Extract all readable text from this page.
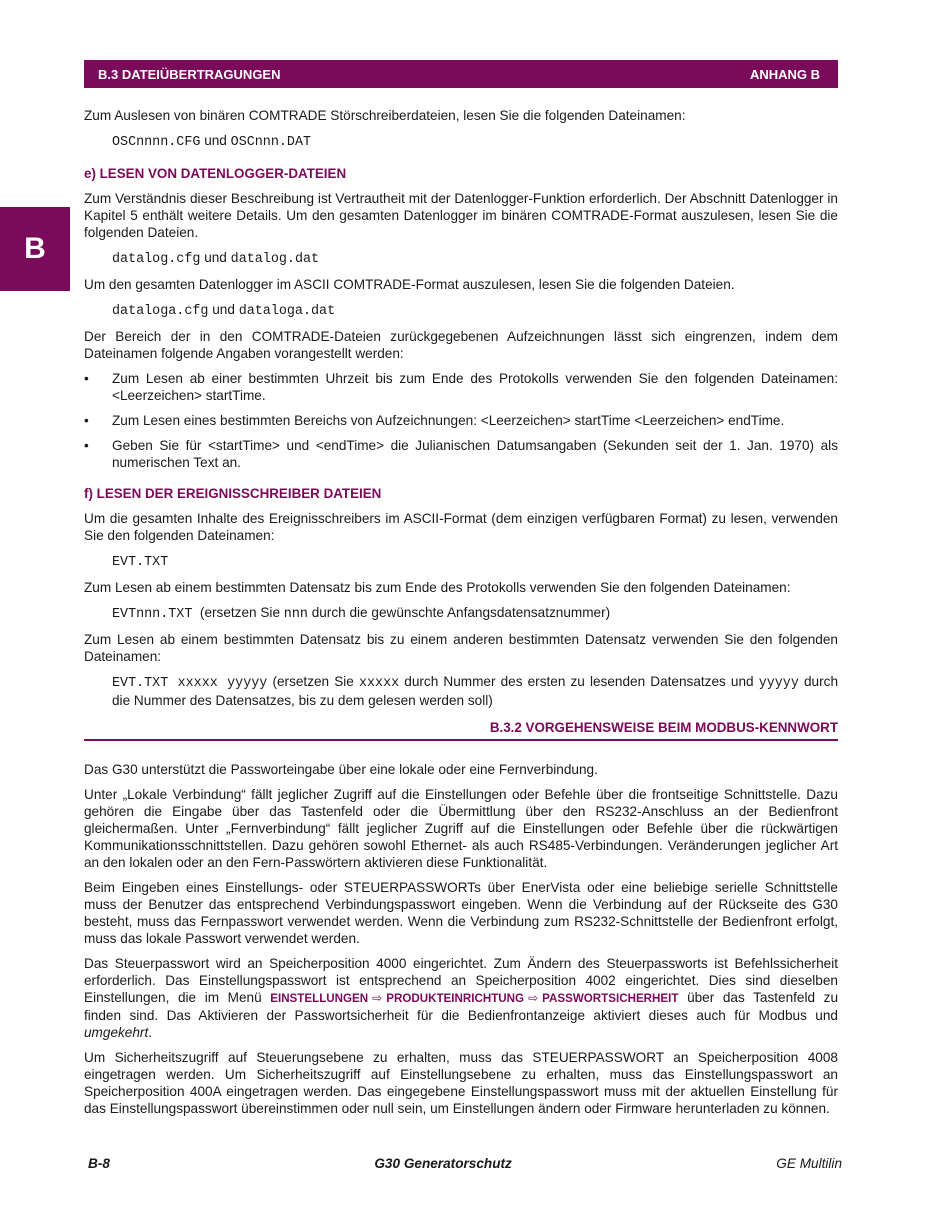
B.3 DATEIÜBERTRAGUNGEN	ANHANG B
B

Zum Auslesen von binären COMTRADE Störschreiberdateien, lesen Sie die folgenden Dateinamen:

OSCnnnn.CFG und OSCnnn.DAT

e) LESEN VON DATENLOGGER-DATEIEN

Zum Verständnis dieser Beschreibung ist Vertrautheit mit der Datenlogger-Funktion erforderlich. Der Abschnitt Datenlogger in Kapitel 5 enthält weitere Details. Um den gesamten Datenlogger im binären COMTRADE-Format auszulesen, lesen Sie die folgenden Dateien.

datalog.cfg und datalog.dat

Um den gesamten Datenlogger im ASCII COMTRADE-Format auszulesen, lesen Sie die folgenden Dateien.

dataloga.cfg und dataloga.dat

Der Bereich der in den COMTRADE-Dateien zurückgegebenen Aufzeichnungen lässt sich eingrenzen, indem dem Dateinamen folgende Angaben vorangestellt werden:

• Zum Lesen ab einer bestimmten Uhrzeit bis zum Ende des Protokolls verwenden Sie den folgenden Dateinamen: <Leerzeichen> startTime.
• Zum Lesen eines bestimmten Bereichs von Aufzeichnungen: <Leerzeichen> startTime <Leerzeichen> endTime.
• Geben Sie für <startTime> und <endTime> die Julianischen Datumsangaben (Sekunden seit der 1. Jan. 1970) als numerischen Text an.
f) LESEN DER EREIGNISSCHREIBER DATEIEN

Um die gesamten Inhalte des Ereignisschreibers im ASCII-Format (dem einzigen verfügbaren Format) zu lesen, verwenden Sie den folgenden Dateinamen:

EVT.TXT

Zum Lesen ab einem bestimmten Datensatz bis zum Ende des Protokolls verwenden Sie den folgenden Dateinamen:

EVTnnn.TXT (ersetzen Sie nnn durch die gewünschte Anfangsdatensatznummer)

Zum Lesen ab einem bestimmten Datensatz bis zu einem anderen bestimmten Datensatz verwenden Sie den folgenden Dateinamen:

EVT.TXT xxxxx yyyyy (ersetzen Sie xxxxx durch Nummer des ersten zu lesenden Datensatzes und yyyyy durch die Nummer des Datensatzes, bis zu dem gelesen werden soll)

B.3.2 VORGEHENSWEISE BEIM MODBUS-KENNWORT

Das G30 unterstützt die Passworteingabe über eine lokale oder eine Fernverbindung.

Unter „Lokale Verbindung“ fällt jeglicher Zugriff auf die Einstellungen oder Befehle über die frontseitige Schnittstelle. Dazu gehören die Eingabe über das Tastenfeld oder die Übermittlung über den RS232-Anschluss an der Bedienfront gleichermaßen. Unter „Fernverbindung“ fällt jeglicher Zugriff auf die Einstellungen oder Befehle über die rückwärtigen Kommunikationsschnittstellen. Dazu gehören sowohl Ethernet- als auch RS485-Verbindungen. Veränderungen jeglicher Art an den lokalen oder an den Fern-Passwörtern aktivieren diese Funktionalität.

Beim Eingeben eines Einstellungs- oder STEUERPASSWORTs über EnerVista oder eine beliebige serielle Schnittstelle muss der Benutzer das entsprechend Verbindungspasswort eingeben. Wenn die Verbindung auf der Rückseite des G30 besteht, muss das Fernpasswort verwendet werden. Wenn die Verbindung zum RS232-Schnittstelle der Bedienfront erfolgt, muss das lokale Passwort verwendet werden.

Das Steuerpasswort wird an Speicherposition 4000 eingerichtet. Zum Ändern des Steuerpassworts ist Befehlssicherheit erforderlich. Das Einstellungspasswort ist entsprechend an Speicherposition 4002 eingerichtet. Dies sind dieselben Einstellungen, die im Menü EINSTELLUNGEN ⇨ PRODUKTEINRICHTUNG ⇨ PASSWORTSICHERHEIT über das Tastenfeld zu finden sind. Das Aktivieren der Passwortsicherheit für die Bedienfrontanzeige aktiviert dieses auch für Modbus und umgekehrt.

Um Sicherheitszugriff auf Steuerungsebene zu erhalten, muss das STEUERPASSWORT an Speicherposition 4008 eingetragen werden. Um Sicherheitszugriff auf Einstellungsebene zu erhalten, muss das Einstellungspasswort an Speicherposition 400A eingetragen werden. Das eingegebene Einstellungspasswort muss mit der aktuellen Einstellung für das Einstellungspasswort übereinstimmen oder null sein, um Einstellungen ändern oder Firmware herunterladen zu können.

B-8	G30 Generatorschutz	GE Multilin
